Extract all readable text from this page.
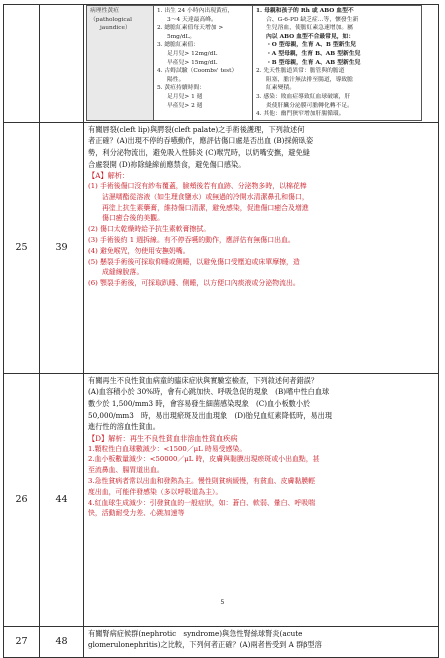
病理性黃疸
（pathological
jaundice）

1. 出生 24 小時內出現黃疸，
3～4 天達最高峰。
2. 總膽紅素值每天增加 >
5mg/dL。
3. 總膽紅素值：
足月兒> 12mg/dL
早產兒> 15mg/dL
4. 古姆試驗（Coombs' test）
陽性。
5. 黃疸持續時間：
足月兒> 1 週
早產兒> 2 週

1. 母親和孩子的 Rh 或 ABO 血型不
合、G-6-PD 缺乏症…等，懷發生新
生兒溶血，使膽紅素急速增加。屬
內以 ABO 血型不合最常見，如：
・O 型母親，生育 A、B 型新生兒
・A 型母親，生育 B、AB 型新生兒
・B 型母親，生育 A、AB 型新生兒
2. 先天性膽道異常：膽管與的膽道
阻塞，膽汁無法排至腸道，導致膽
紅素變積。
3. 感染：敗血症導致紅血球破壞，肝
炎使肝臟分泌膜可膽轉化轉不足。
4. 其他：幽門狹窄增加肝腸循環。

25	39	
有關唇裂(cleft lip)與腭裂(cleft palate)之手術後護理，下列敘述何
者正確？(A)出現不停的吞嚥動作，應評估傷口處是否出血 (B)採俯臥姿
勢，利分泌物流出，避免吸入性肺炎 (C)喉咒時，以奶嘴安撫，避免縫
合處裂開 (D)祢除縫線前應禁食，避免傷口感染。
【A】解析：
(1) 手術後傷口沒有紗布覆蓋，臉頰後若有血跡、分泌物多時，以棉花棒
沾濕嚅酯從溶液（如生理食鹽水）或無過的冷開水清潔鼻孔和傷口，
再塗上抗生素藥膏，維持傷口清潔，避免感染，促進傷口癒合及增進
傷口癒合後的美觀。
(2) 傷口太乾燥時給予抗生素軟膏擦拭。
(3) 手術後約 1 週拆線。有不停吞嚥的動作，應評估有無傷口出血。
(4) 避免喉咒，勿使用安撫奶嘴。
(5) 懸裂手術後可採取仰睡或側睡，以避免傷口受壓迫或床單摩擦，造
成縫線脫落。
(6) 顎裂手術後，可採取趴睡、側睡，以方便口內痰液或分泌物流出。

26	44	
有關再生不良性貧血病童的臨床症狀與實驗室檢查，下列敘述何者錯誤？
(A)血容積小於 30%時，會有心跳加快、呼吸急促的現象　(B)嗜中性白血球
數少於 1,500/mm3 時，會容易發生細菌感染現象　(C)血小板數小於
50,000/mm3　時，易出現瘀斑及出血現象　(D)胎兒血紅素降低時，易出現
進行性的溶血性貧血。
【D】解析：再生不良性貧血非溶血性貧血疾病
1.顆粒性白血球數減少：<1500／μL 時易受感染。
2.血小板數量減少：<50000／μL 時，皮膚與黏膜出現瘀斑或小出血點，甚
至流鼻血、腸胃道出血。
3.急性貧病者常以出血和發熱為主。慢性則貧病緩慢，有貧血、皮膚黏膜輕
度出血，可能伴發感染（多以呼吸道為主）。
4.紅血球生成減少：引發貧血的一般症狀，如：蒼白、軟弱、暈白、呼吸喘
快，活動耐受力差、心跳加速等

27	48	
有關腎病症候群(nephrotic　syndrome)與急性腎絲球腎炎(acute
glomerulonephritis)之比較，下列何者正確？(A)兩者皆受到 A 群β型溶
5
